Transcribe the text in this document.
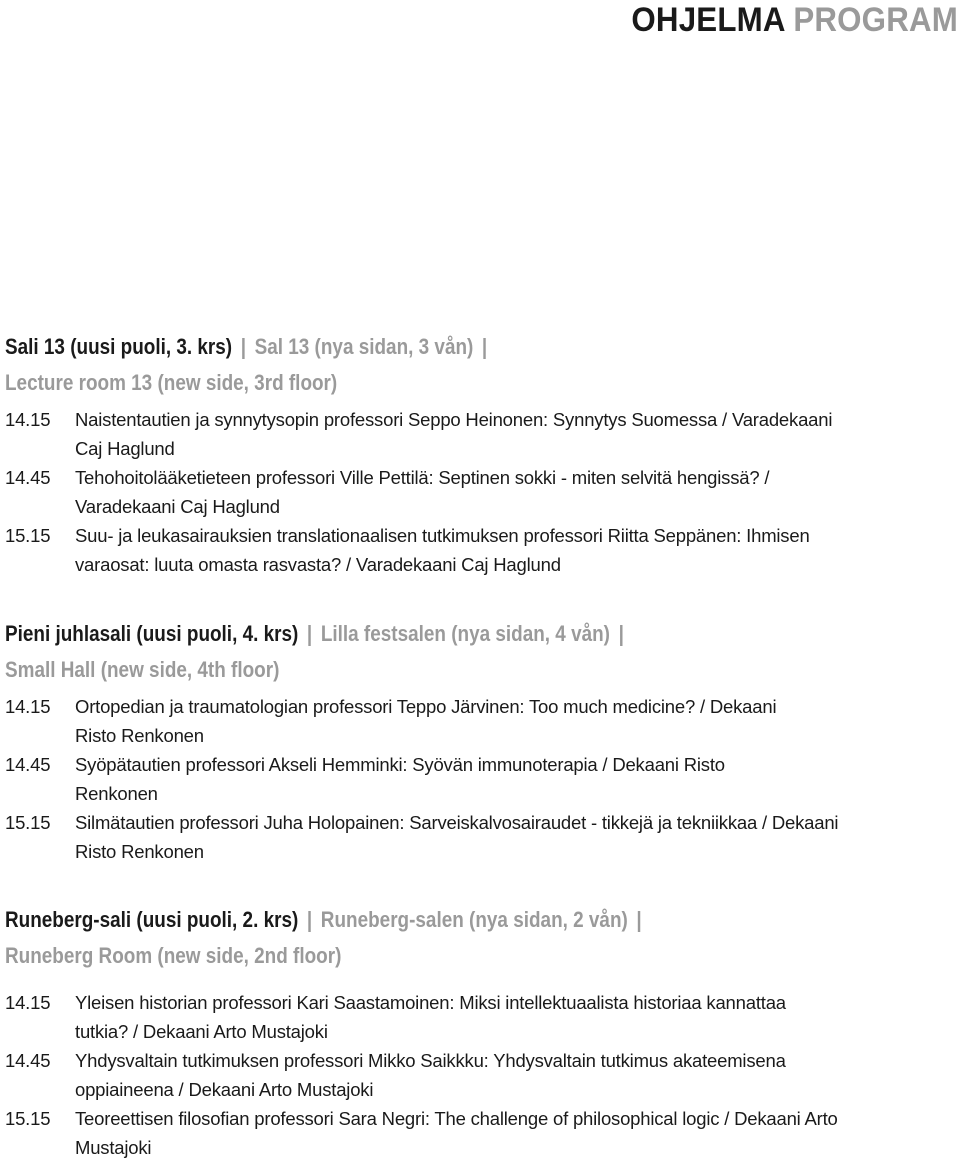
OHJELMA PROGRAM
Sali 13 (uusi puoli, 3. krs) | Sal 13 (nya sidan, 3 vån) |
Lecture room 13 (new side, 3rd floor)
14.15	Naistentautien ja synnytysopin professori Seppo Heinonen: Synnytys Suomessa / Varadekaani Caj Haglund
14.45	Tehohoitolääketieteen professori Ville Pettilä: Septinen sokki - miten selvitä hengissä? / Varadekaani Caj Haglund
15.15	Suu- ja leukasairauksien translationaalisen tutkimuksen professori Riitta Seppänen: Ihmisen varaosat: luuta omasta rasvasta? / Varadekaani Caj Haglund
Pieni juhlasali (uusi puoli, 4. krs) | Lilla festsalen (nya sidan, 4 vån) |
Small Hall (new side, 4th floor)
14.15	Ortopedian ja traumatologian professori Teppo Järvinen: Too much medicine? / Dekaani Risto Renkonen
14.45	Syöpätautien professori Akseli Hemminki: Syövän immunoterapia / Dekaani Risto Renkonen
15.15	Silmätautien professori Juha Holopainen: Sarveiskalvosairaudet - tikkejä ja tekniikkaa / Dekaani Risto Renkonen
Runeberg-sali (uusi puoli, 2. krs) | Runeberg-salen (nya sidan, 2 vån) |
Runeberg Room (new side, 2nd floor)
14.15	Yleisen historian professori Kari Saastamoinen: Miksi intellektuaalista historiaa kannattaa tutkia? / Dekaani Arto Mustajoki
14.45	Yhdysvaltain tutkimuksen professori Mikko Saikkku: Yhdysvaltain tutkimus akateemisena oppiaineena / Dekaani Arto Mustajoki
15.15	Teoreettisen filosofian professori Sara Negri: The challenge of philosophical logic / Dekaani Arto Mustajoki
